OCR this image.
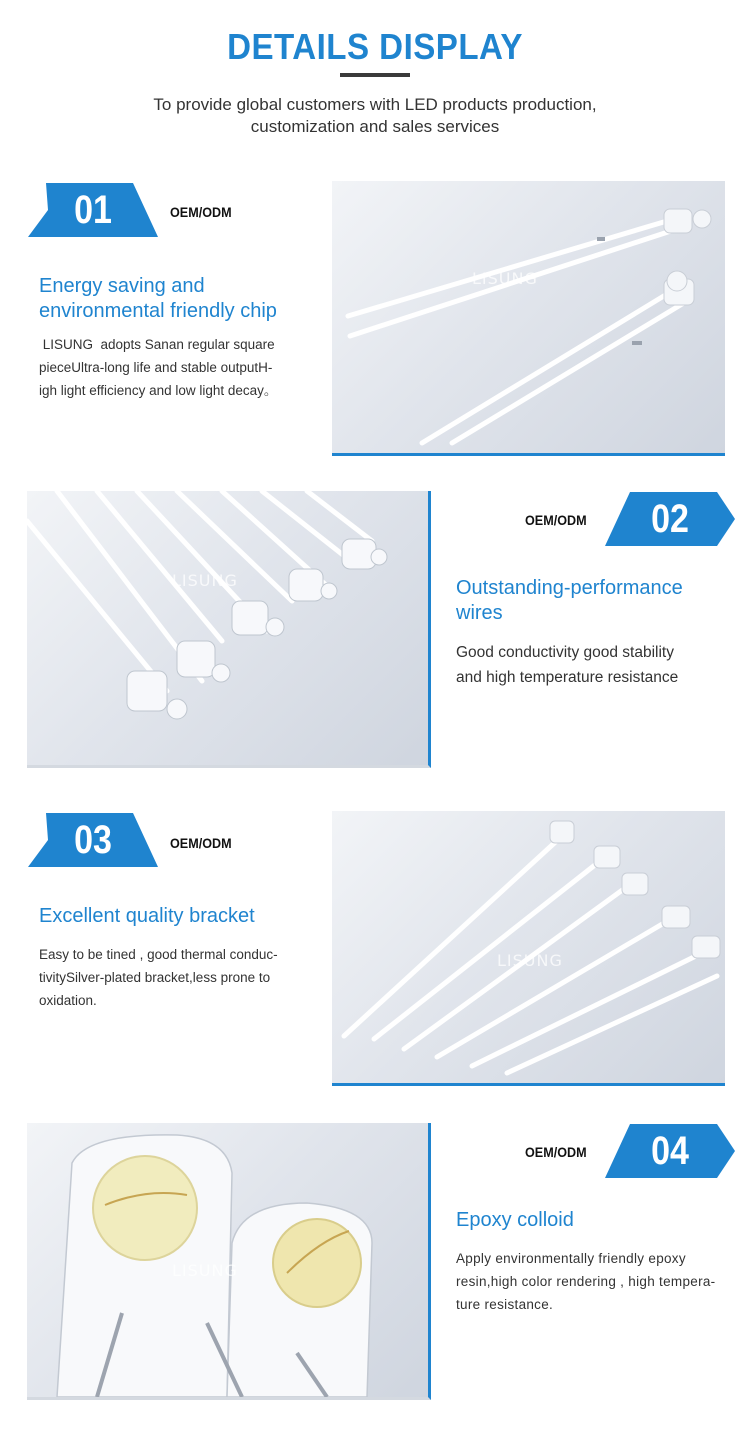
DETAILS DISPLAY
To provide global customers with LED products production,
customization and sales services
01	OEM/ODM
Energy saving and
environmental friendly chip
LISUNG  adopts Sanan regular square
pieceUltra-long life and stable outputH-
igh light efficiency and low light decay。
LISUNG
LISUNG
OEM/ODM	02
Outstanding-performance
wires
Good conductivity good stability
and high temperature resistance
03	OEM/ODM
Excellent quality bracket
Easy to be tined , good thermal conduc-
tivitySilver-plated bracket,less prone to
oxidation.
LISUNG
LISUNG
OEM/ODM	04
Epoxy colloid
Apply environmentally friendly epoxy
resin,high color rendering , high tempera-
ture resistance.
